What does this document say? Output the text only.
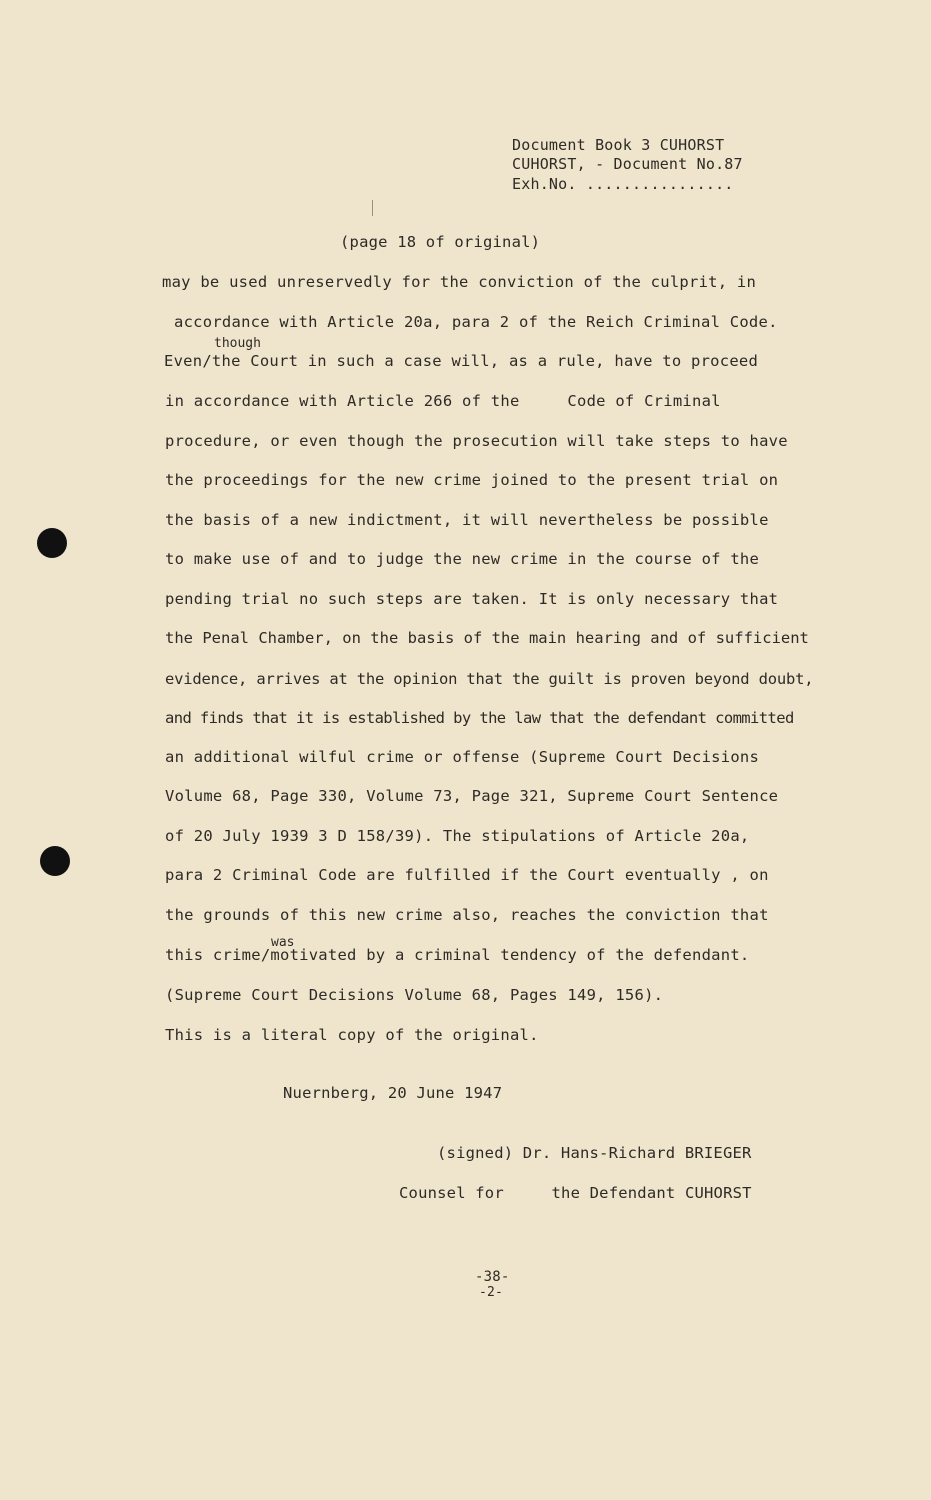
Document Book 3 CUHORST
CUHORST, - Document No.87
Exh.No. ................
(page 18 of original)
though
was
may be used unreservedly for the conviction of the culprit, in
accordance with Article 20a, para 2 of the Reich Criminal Code.
Even/the Court in such a case will, as a rule, have to proceed
in accordance with Article 266 of the     Code of Criminal
procedure, or even though the prosecution will take steps to have
the proceedings for the new crime joined to the present trial on
the basis of a new indictment, it will nevertheless be possible
to make use of and to judge the new crime in the course of the
pending trial no such steps are taken. It is only necessary that
the Penal Chamber, on the basis of the main hearing and of sufficient
evidence, arrives at the opinion that the guilt is proven beyond doubt,
and finds that it is established by the law that the defendant committed
an additional wilful crime or offense (Supreme Court Decisions
Volume 68, Page 330, Volume 73, Page 321, Supreme Court Sentence
of 20 July 1939 3 D 158/39). The stipulations of Article 20a,
para 2 Criminal Code are fulfilled if the Court eventually , on
the grounds of this new crime also, reaches the conviction that
this crime/motivated by a criminal tendency of the defendant.
(Supreme Court Decisions Volume 68, Pages 149, 156).
This is a literal copy of the original.
Nuernberg, 20 June 1947
(signed) Dr. Hans-Richard BRIEGER
Counsel for     the Defendant CUHORST
-38-
-2-
